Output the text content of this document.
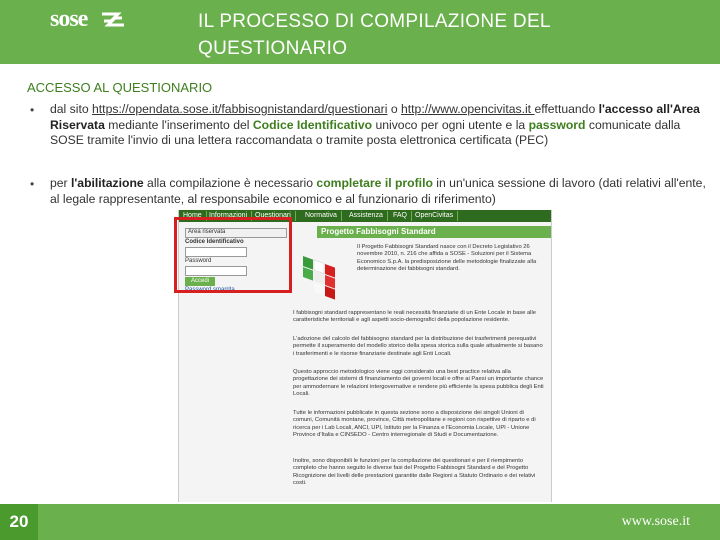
sose	IL PROCESSO DI COMPILAZIONE DEL QUESTIONARIO
ACCESSO AL QUESTIONARIO
• dal sito https://opendata.sose.it/fabbisognistandard/questionari o http://www.opencivitas.it effettuando l'accesso all'Area Riservata mediante l'inserimento del Codice Identificativo univoco per ogni utente e la password comunicate dalla SOSE tramite l'invio di una lettera raccomandata o tramite posta elettronica certificata (PEC)
• per l'abilitazione alla compilazione è necessario completare il profilo in un'unica sessione di lavoro (dati relativi all'ente, al legale rappresentante, al responsabile economico e al funzionario di riferimento)
Home	Informazioni	Questionari	Normativa	Assistenza	FAQ	OpenCivitas
Area riservata
Codice Identificativo
Password
Accedi
Password smarrita
Progetto Fabbisogni Standard
Il Progetto Fabbisogni Standard nasce con il Decreto Legislativo 26 novembre 2010, n. 216 che affida a SOSE - Soluzioni per il Sistema Economico S.p.A. la predisposizione delle metodologie finalizzate alla determinazione dei fabbisogni standard.
I fabbisogni standard rappresentano le reali necessità finanziarie di un Ente Locale in base alle caratteristiche territoriali e agli aspetti socio-demografici della popolazione residente.
L'adozione del calcolo del fabbisogno standard per la distribuzione dei trasferimenti perequativi permette il superamento del modello storico della spesa storica sulla quale attualmente si basano i trasferimenti e le risorse finanziarie destinate agli Enti Locali.
Questo approccio metodologico viene oggi considerato una best practice relativa alla progettazione dei sistemi di finanziamento dei governi locali e offre ai Paesi un importante chance per ammodernare le relazioni intergovernative e rendere più efficiente la spesa pubblica degli Enti Locali.
Tutte le informazioni pubblicate in questa sezione sono a disposizione dei singoli Unioni di comuni, Comunità montane, province, Città metropolitane e regioni con rispettive di riparto e di ricerca per i Lab Locali, ANCI, UPI, Istituto per la Finanza e l'Economia Locale, UPI - Unione Province d'Italia e CINSEDO - Centro interregionale di Studi e Documentazione.
Inoltre, sono disponibili le funzioni per la compilazione dei questionari e per il riempimento completo che hanno seguito le diverse fasi del Progetto Fabbisogni Standard e del Progetto Ricognizione dei livelli delle prestazioni garantite dalle Regioni a Statuto Ordinario e dei relativi costi.
20	www.sose.it
